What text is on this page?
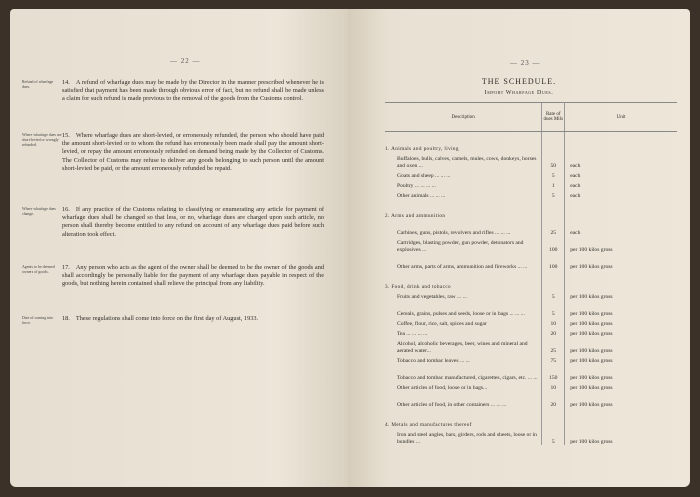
— 22 —
Refund of wharfage dues.
14. A refund of wharfage dues may be made by the Director in the manner prescribed whenever he is satisfied that payment has been made through obvious error of fact, but no refund shall be made unless a claim for such refund is made previous to the removal of the goods from the Customs control.
Where wharfage dues are short-levied or wrongly refunded.
15. Where wharfage dues are short-levied, or erroneously refunded, the person who should have paid the amount short-levied or to whom the refund has erroneously been made shall pay the amount short-levied, or repay the amount erroneously refunded on demand being made by the Collector of Customs. The Collector of Customs may refuse to deliver any goods belonging to such person until the amount short-levied be paid, or the amount erroneously refunded be repaid.
Where wharfage dues change.
16. If any practice of the Customs relating to classifying or enumerating any article for payment of wharfage dues shall be changed so that less, or no, wharfage dues are charged upon such article, no person shall thereby become entitled to any refund on account of any wharfage dues paid before such alteration took effect.
Agents to be deemed owners of goods.
17. Any person who acts as the agent of the owner shall be deemed to be the owner of the goods and shall accordingly be personally liable for the payment of any wharfage dues payable in respect of the goods, but nothing herein contained shall relieve the principal from any liability.
Date of coming into force.
18. These regulations shall come into force on the first day of August, 1933.
— 23 —
THE SCHEDULE.
Import Wharfage Dues.
Description	Rate of dues Mils	Unit

1. Animals and poultry, living		
Buffaloes, bulls, calves, camels, mules, cows, donkeys, horses and oxen ...	50	each
Goats and sheep ... ... ...	5	each
Poultry ... ... ... ...	1	each
Other animals ... ... ...	5	each

2. Arms and ammunition		
Carbines, guns, pistols, revolvers and rifles ... ... ...	25	each
Cartridges, blasting powder, gun powder, detonators and explosives ...	100	per 100 kilos gross
Other arms, parts of arms, ammunition and fireworks ... ...	100	per 100 kilos gross

3. Food, drink and tobacco		
Fruits and vegetables, raw ... ...	5	per 100 kilos gross
Cereals, grains, pulses and seeds, loose or in bags ... ... ...	5	per 100 kilos gross
Coffee, flour, rice, salt, spices and sugar	10	per 100 kilos gross
Tea ... ... ... ...	20	per 100 kilos gross
Alcohol, alcoholic beverages, beer, wines and mineral and aerated water...	25	per 100 kilos gross
Tobacco and tombac leaves ... ...	75	per 100 kilos gross
Tobacco and tombac manufactured, cigarettes, cigars, etc. ... ...	150	per 100 kilos gross
Other articles of food, loose or in bags...	10	per 100 kilos gross
Other articles of food, in other containers ... ... ...	20	per 100 kilos gross

4. Metals and manufactures thereof		
Iron and steel angles, bars, girders, rods and sheets, loose or in bundles ...	5	per 100 kilos gross
